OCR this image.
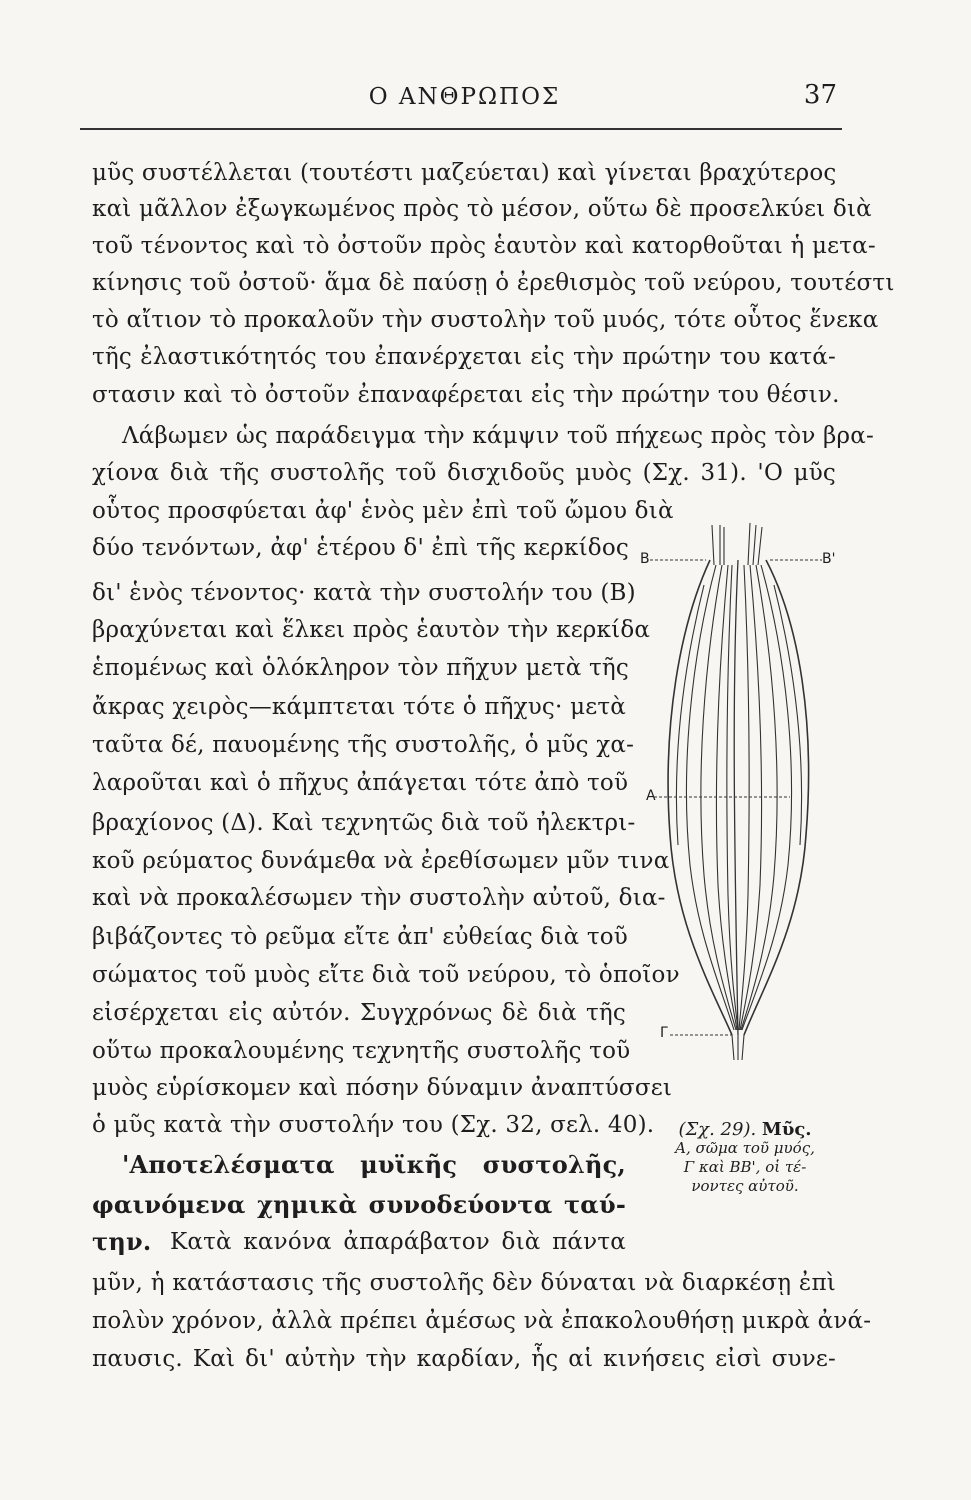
Ο ΑΝΘΡΩΠΟΣ	37
μῦς συστέλλεται (τουτέστι μαζεύεται) καὶ γίνεται βραχύτερος
καὶ μᾶλλον ἐξωγκωμένος πρὸς τὸ μέσον, οὕτω δὲ προσελκύει διὰ
τοῦ τένοντος καὶ τὸ ὀστοῦν πρὸς ἑαυτὸν καὶ κατορθοῦται ἡ μετα-
κίνησις τοῦ ὀστοῦ· ἅμα δὲ παύσῃ ὁ ἐρεθισμὸς τοῦ νεύρου, τουτέστι
τὸ αἴτιον τὸ προκαλοῦν τὴν συστολὴν τοῦ μυός, τότε οὗτος ἕνεκα
τῆς ἐλαστικότητός του ἐπανέρχεται εἰς τὴν πρώτην του κατά-
στασιν καὶ τὸ ὀστοῦν ἐπαναφέρεται εἰς τὴν πρώτην του θέσιν.
Λάβωμεν ὡς παράδειγμα τὴν κάμψιν τοῦ πήχεως πρὸς τὸν βρα-
χίονα διὰ τῆς συστολῆς τοῦ δισχιδοῦς μυὸς (Σχ. 31). 'Ο μῦς
οὗτος προσφύεται ἀφ' ἑνὸς μὲν ἐπὶ τοῦ ὤμου διὰ
δύο τενόντων, ἀφ' ἑτέρου δ' ἐπὶ τῆς κερκίδος
δι' ἑνὸς τένοντος· κατὰ τὴν συστολήν του (Β)
βραχύνεται καὶ ἕλκει πρὸς ἑαυτὸν τὴν κερκίδα
ἑπομένως καὶ ὁλόκληρον τὸν πῆχυν μετὰ τῆς
ἄκρας χειρὸς—κάμπτεται τότε ὁ πῆχυς· μετὰ
ταῦτα δέ, παυομένης τῆς συστολῆς, ὁ μῦς χα-
λαροῦται καὶ ὁ πῆχυς ἀπάγεται τότε ἀπὸ τοῦ
βραχίονος (Δ). Καὶ τεχνητῶς διὰ τοῦ ἠλεκτρι-
κοῦ ρεύματος δυνάμεθα νὰ ἐρεθίσωμεν μῦν τινα
καὶ νὰ προκαλέσωμεν τὴν συστολὴν αὐτοῦ, δια-
βιβάζοντες τὸ ρεῦμα εἴτε ἀπ' εὐθείας διὰ τοῦ
σώματος τοῦ μυὸς εἴτε διὰ τοῦ νεύρου, τὸ ὁποῖον
εἰσέρχεται εἰς αὐτόν. Συγχρόνως δὲ διὰ τῆς
οὕτω προκαλουμένης τεχνητῆς συστολῆς τοῦ
μυὸς εὑρίσκομεν καὶ πόσην δύναμιν ἀναπτύσσει
ὁ μῦς κατὰ τὴν συστολήν του (Σχ. 32, σελ. 40).
'Αποτελέσματα μυϊκῆς συστολῆς,
φαινόμενα χημικὰ συνοδεύοντα ταύ-
την. Κατὰ κανόνα ἀπαράβατον διὰ πάντα
μῦν, ἡ κατάστασις τῆς συστολῆς δὲν δύναται νὰ διαρκέσῃ ἐπὶ
πολὺν χρόνον, ἀλλὰ πρέπει ἀμέσως νὰ ἐπακολουθήσῃ μικρὰ ἀνά-
παυσις. Καὶ δι' αὐτὴν τὴν καρδίαν, ἧς αἱ κινήσεις εἰσὶ συνε-
B	B'
A
Γ
(Σχ. 29). Μῦς.
Α, σῶμα τοῦ μυός,
Γ καὶ ΒΒ', οἱ τέ-
νοντες αὐτοῦ.
